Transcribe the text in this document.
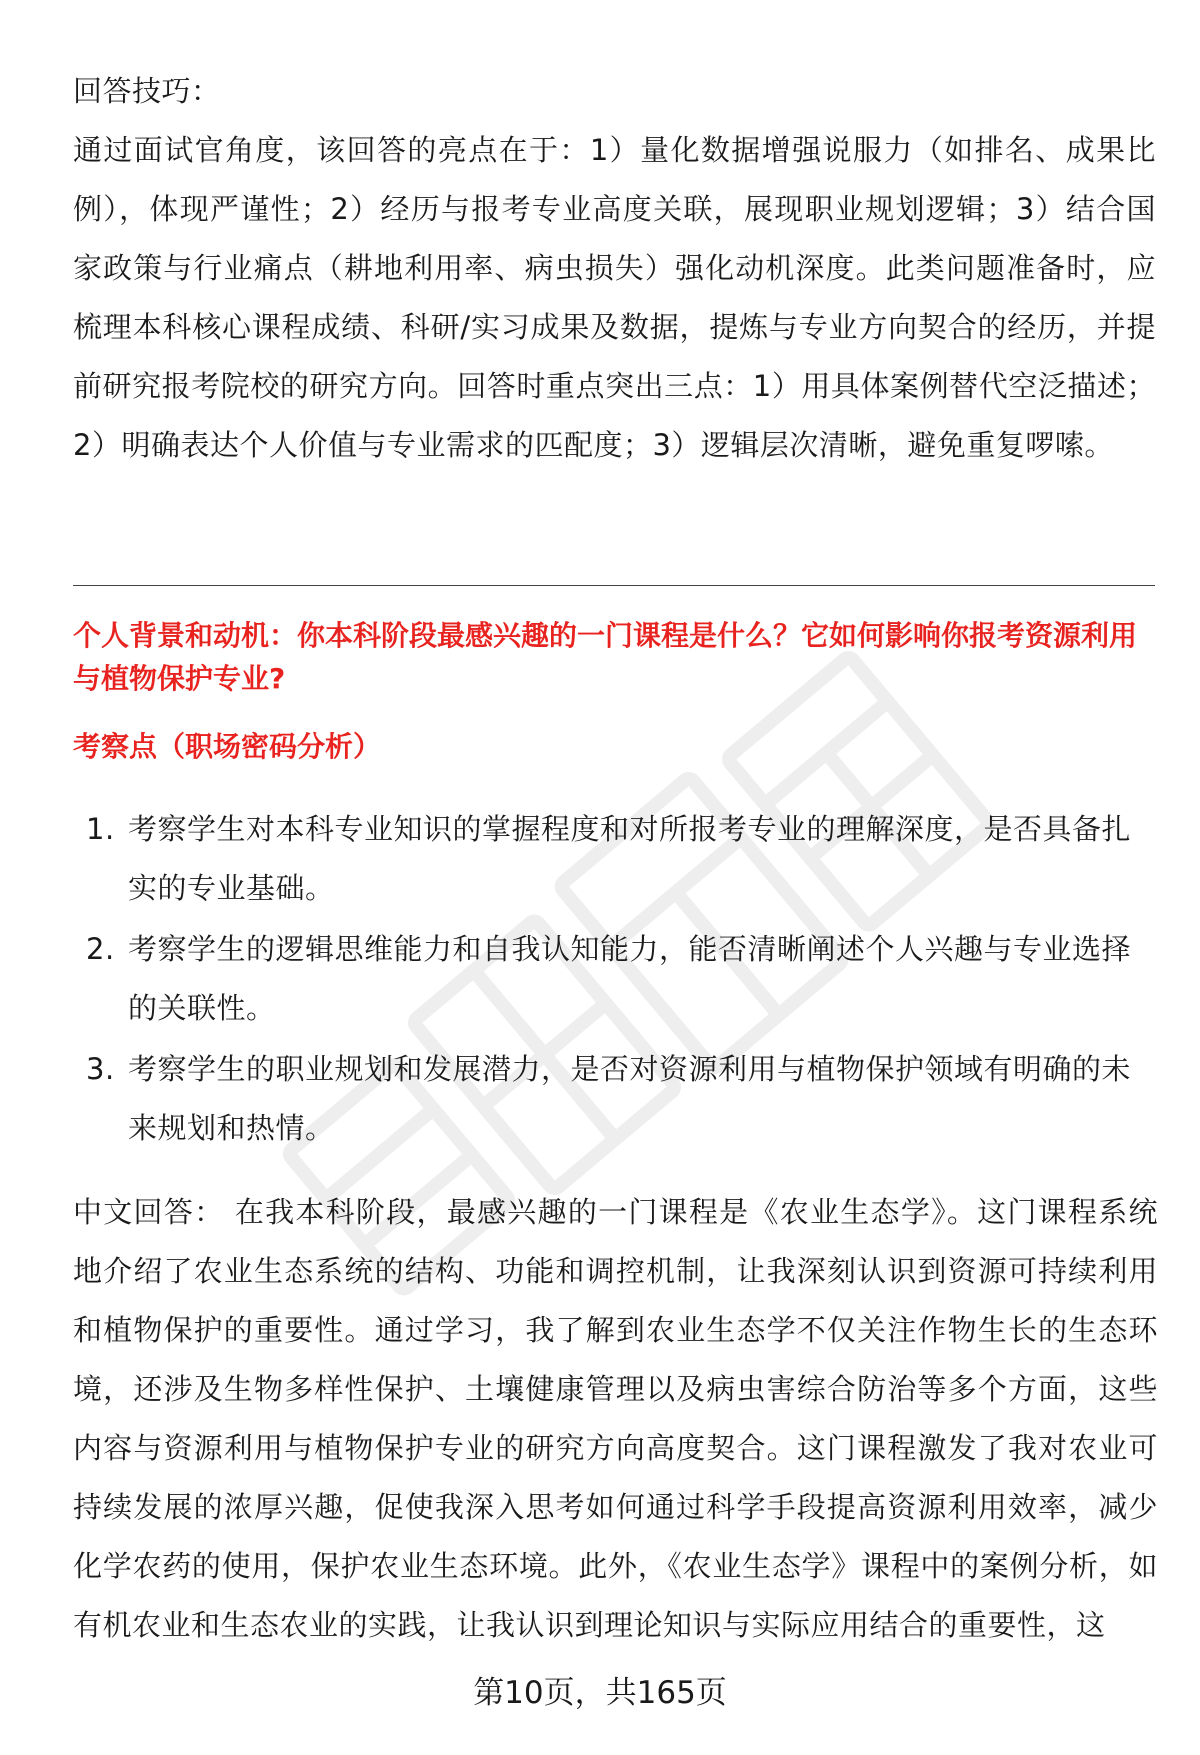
回答技巧：

通过面试官角度，该回答的亮点在于：1）量化数据增强说服力（如排名、成果比例），体现严谨性；2）经历与报考专业高度关联，展现职业规划逻辑；3）结合国家政策与行业痛点（耕地利用率、病虫损失）强化动机深度。此类问题准备时，应梳理本科核心课程成绩、科研/实习成果及数据，提炼与专业方向契合的经历，并提前研究报考院校的研究方向。回答时重点突出三点：1）用具体案例替代空泛描述；2）明确表达个人价值与专业需求的匹配度；3）逻辑层次清晰，避免重复啰嗦。

个人背景和动机：你本科阶段最感兴趣的一门课程是什么？它如何影响你报考资源利用与植物保护专业?
考察点（职场密码分析）
1. 考察学生对本科专业知识的掌握程度和对所报考专业的理解深度，是否具备扎实的专业基础。
2. 考察学生的逻辑思维能力和自我认知能力，能否清晰阐述个人兴趣与专业选择的关联性。
3. 考察学生的职业规划和发展潜力，是否对资源利用与植物保护领域有明确的未来规划和热情。

中文回答： 在我本科阶段，最感兴趣的一门课程是《农业生态学》。这门课程系统地介绍了农业生态系统的结构、功能和调控机制，让我深刻认识到资源可持续利用和植物保护的重要性。通过学习，我了解到农业生态学不仅关注作物生长的生态环境，还涉及生物多样性保护、土壤健康管理以及病虫害综合防治等多个方面，这些内容与资源利用与植物保护专业的研究方向高度契合。这门课程激发了我对农业可持续发展的浓厚兴趣，促使我深入思考如何通过科学手段提高资源利用效率，减少化学农药的使用，保护农业生态环境。此外，《农业生态学》课程中的案例分析，如有机农业和生态农业的实践，让我认识到理论知识与实际应用结合的重要性，这

第10页，共165页
